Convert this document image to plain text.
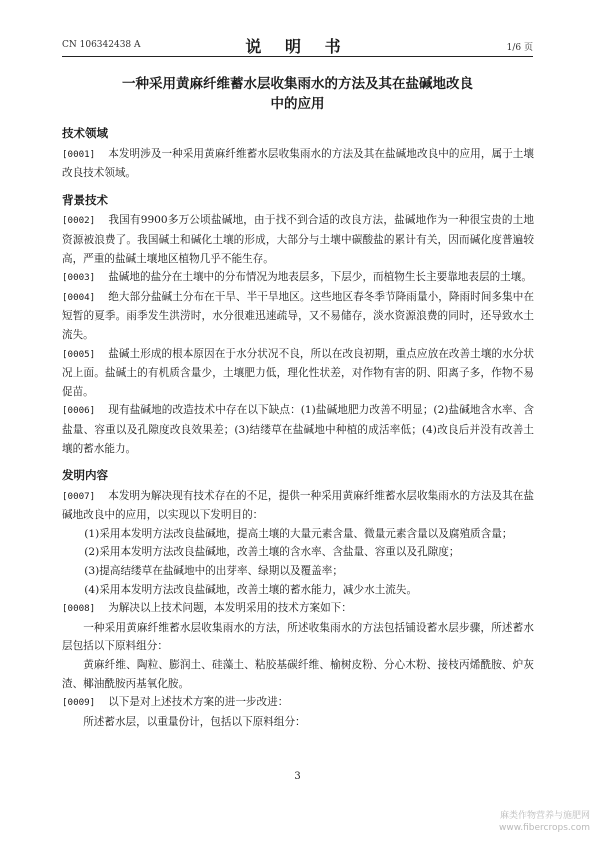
CN 106342438 A	说 明 书	1/6 页
一种采用黄麻纤维蓄水层收集雨水的方法及其在盐碱地改良
中的应用
技术领域

[0001] 本发明涉及一种采用黄麻纤维蓄水层收集雨水的方法及其在盐碱地改良中的应用，属于土壤改良技术领域。

背景技术

[0002] 我国有9900多万公顷盐碱地，由于找不到合适的改良方法，盐碱地作为一种很宝贵的土地资源被浪费了。我国碱土和碱化土壤的形成，大部分与土壤中碳酸盐的累计有关，因而碱化度普遍较高，严重的盐碱土壤地区植物几乎不能生存。

[0003] 盐碱地的盐分在土壤中的分布情况为地表层多，下层少，而植物生长主要靠地表层的土壤。

[0004] 绝大部分盐碱土分布在干旱、半干旱地区。这些地区春冬季节降雨量小，降雨时间多集中在短暂的夏季。雨季发生洪涝时，水分很难迅速疏导，又不易储存，淡水资源浪费的同时，还导致水土流失。

[0005] 盐碱土形成的根本原因在于水分状况不良，所以在改良初期，重点应放在改善土壤的水分状况上面。盐碱土的有机质含量少，土壤肥力低，理化性状差，对作物有害的阴、阳离子多，作物不易促苗。

[0006] 现有盐碱地的改造技术中存在以下缺点：(1)盐碱地肥力改善不明显；(2)盐碱地含水率、含盐量、容重以及孔隙度改良效果差；(3)结缕草在盐碱地中种植的成活率低；(4)改良后并没有改善土壤的蓄水能力。

发明内容

[0007] 本发明为解决现有技术存在的不足，提供一种采用黄麻纤维蓄水层收集雨水的方法及其在盐碱地改良中的应用，以实现以下发明目的：

(1)采用本发明方法改良盐碱地，提高土壤的大量元素含量、微量元素含量以及腐殖质含量；

(2)采用本发明方法改良盐碱地，改善土壤的含水率、含盐量、容重以及孔隙度；

(3)提高结缕草在盐碱地中的出芽率、绿期以及覆盖率；

(4)采用本发明方法改良盐碱地，改善土壤的蓄水能力，减少水土流失。

[0008] 为解决以上技术问题，本发明采用的技术方案如下：

一种采用黄麻纤维蓄水层收集雨水的方法，所述收集雨水的方法包括铺设蓄水层步骤，所述蓄水层包括以下原料组分：

黄麻纤维、陶粒、膨润土、硅藻土、粘胶基碳纤维、榆树皮粉、分心木粉、接枝丙烯酰胺、炉灰渣、椰油酰胺丙基氧化胺。

[0009] 以下是对上述技术方案的进一步改进：

所述蓄水层，以重量份计，包括以下原料组分：

3
麻类作物营养与施肥网
www.fibercrops.com
